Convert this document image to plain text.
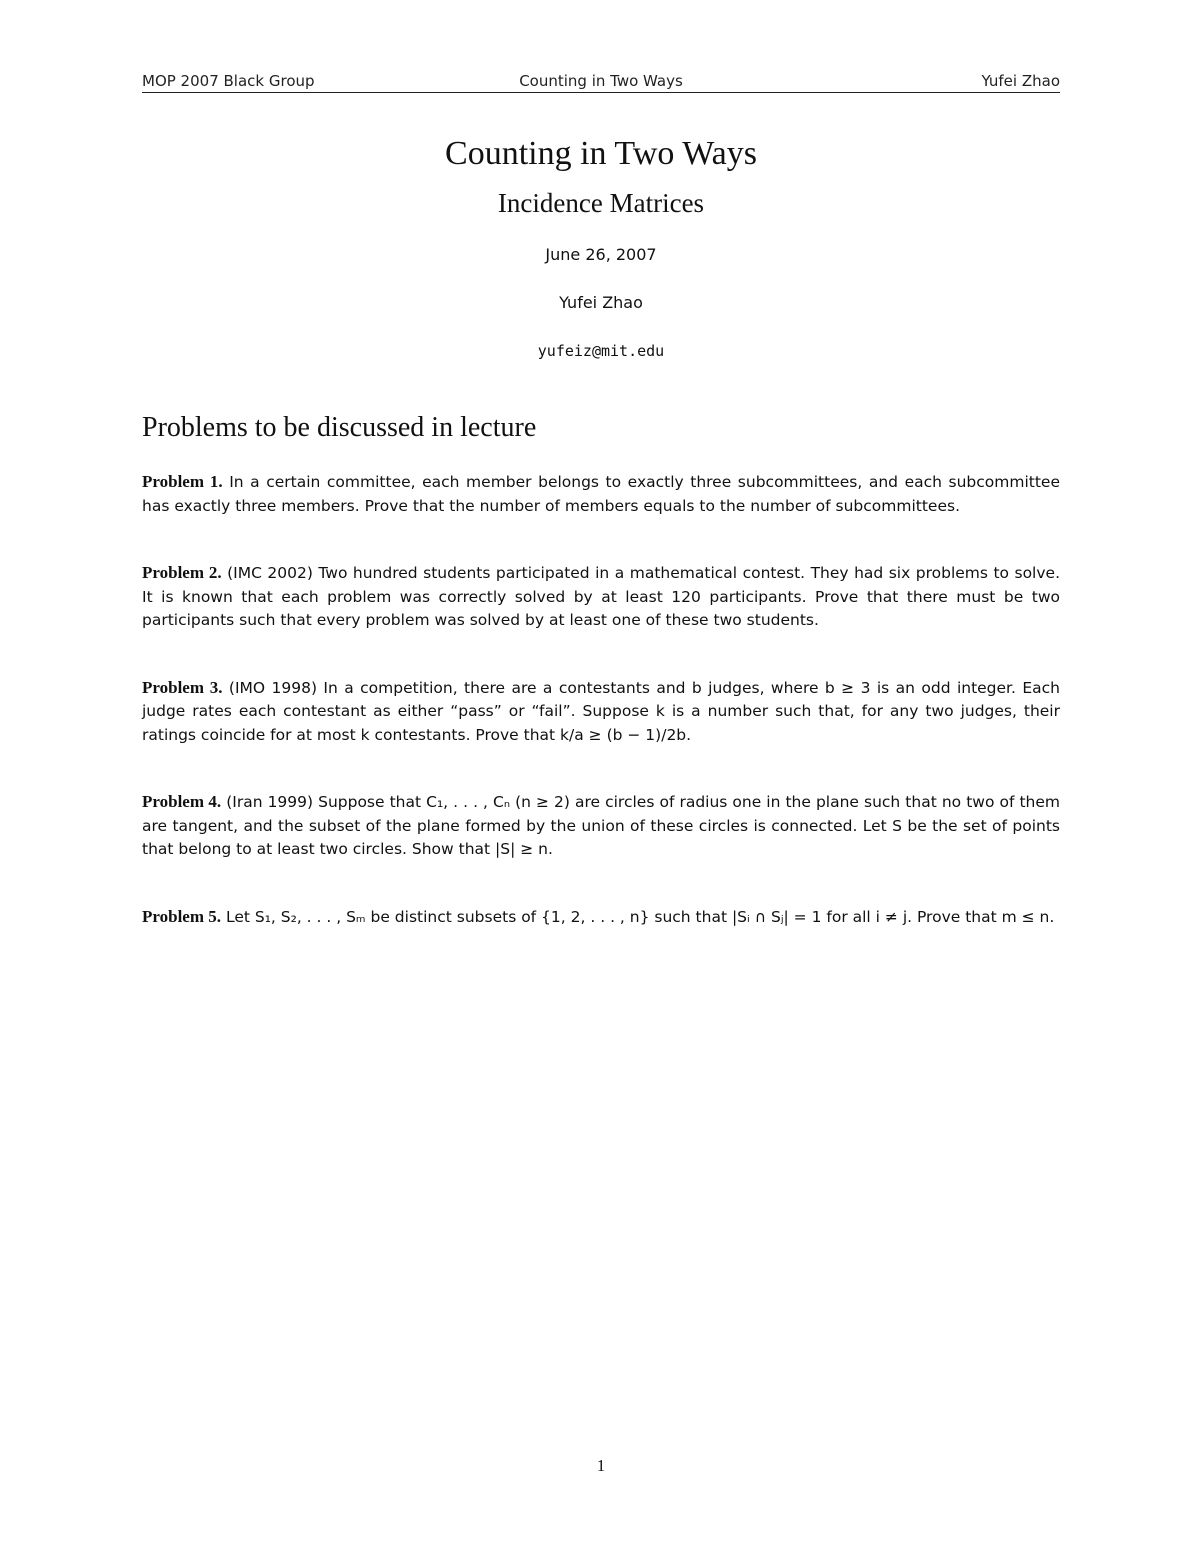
MOP 2007 Black Group	Counting in Two Ways	Yufei Zhao
Counting in Two Ways
Incidence Matrices

June 26, 2007

Yufei Zhao

yufeiz@mit.edu

Problems to be discussed in lecture

Problem 1. In a certain committee, each member belongs to exactly three subcommittees, and each subcommittee has exactly three members. Prove that the number of members equals to the number of subcommittees.

Problem 2. (IMC 2002) Two hundred students participated in a mathematical contest. They had six problems to solve. It is known that each problem was correctly solved by at least 120 participants. Prove that there must be two participants such that every problem was solved by at least one of these two students.

Problem 3. (IMO 1998) In a competition, there are a contestants and b judges, where b ≥ 3 is an odd integer. Each judge rates each contestant as either “pass” or “fail”. Suppose k is a number such that, for any two judges, their ratings coincide for at most k contestants. Prove that k/a ≥ (b − 1)/2b.

Problem 4. (Iran 1999) Suppose that C₁, . . . , Cₙ (n ≥ 2) are circles of radius one in the plane such that no two of them are tangent, and the subset of the plane formed by the union of these circles is connected. Let S be the set of points that belong to at least two circles. Show that |S| ≥ n.

Problem 5. Let S₁, S₂, . . . , Sₘ be distinct subsets of {1, 2, . . . , n} such that |Sᵢ ∩ Sⱼ| = 1 for all i ≠ j. Prove that m ≤ n.

1
